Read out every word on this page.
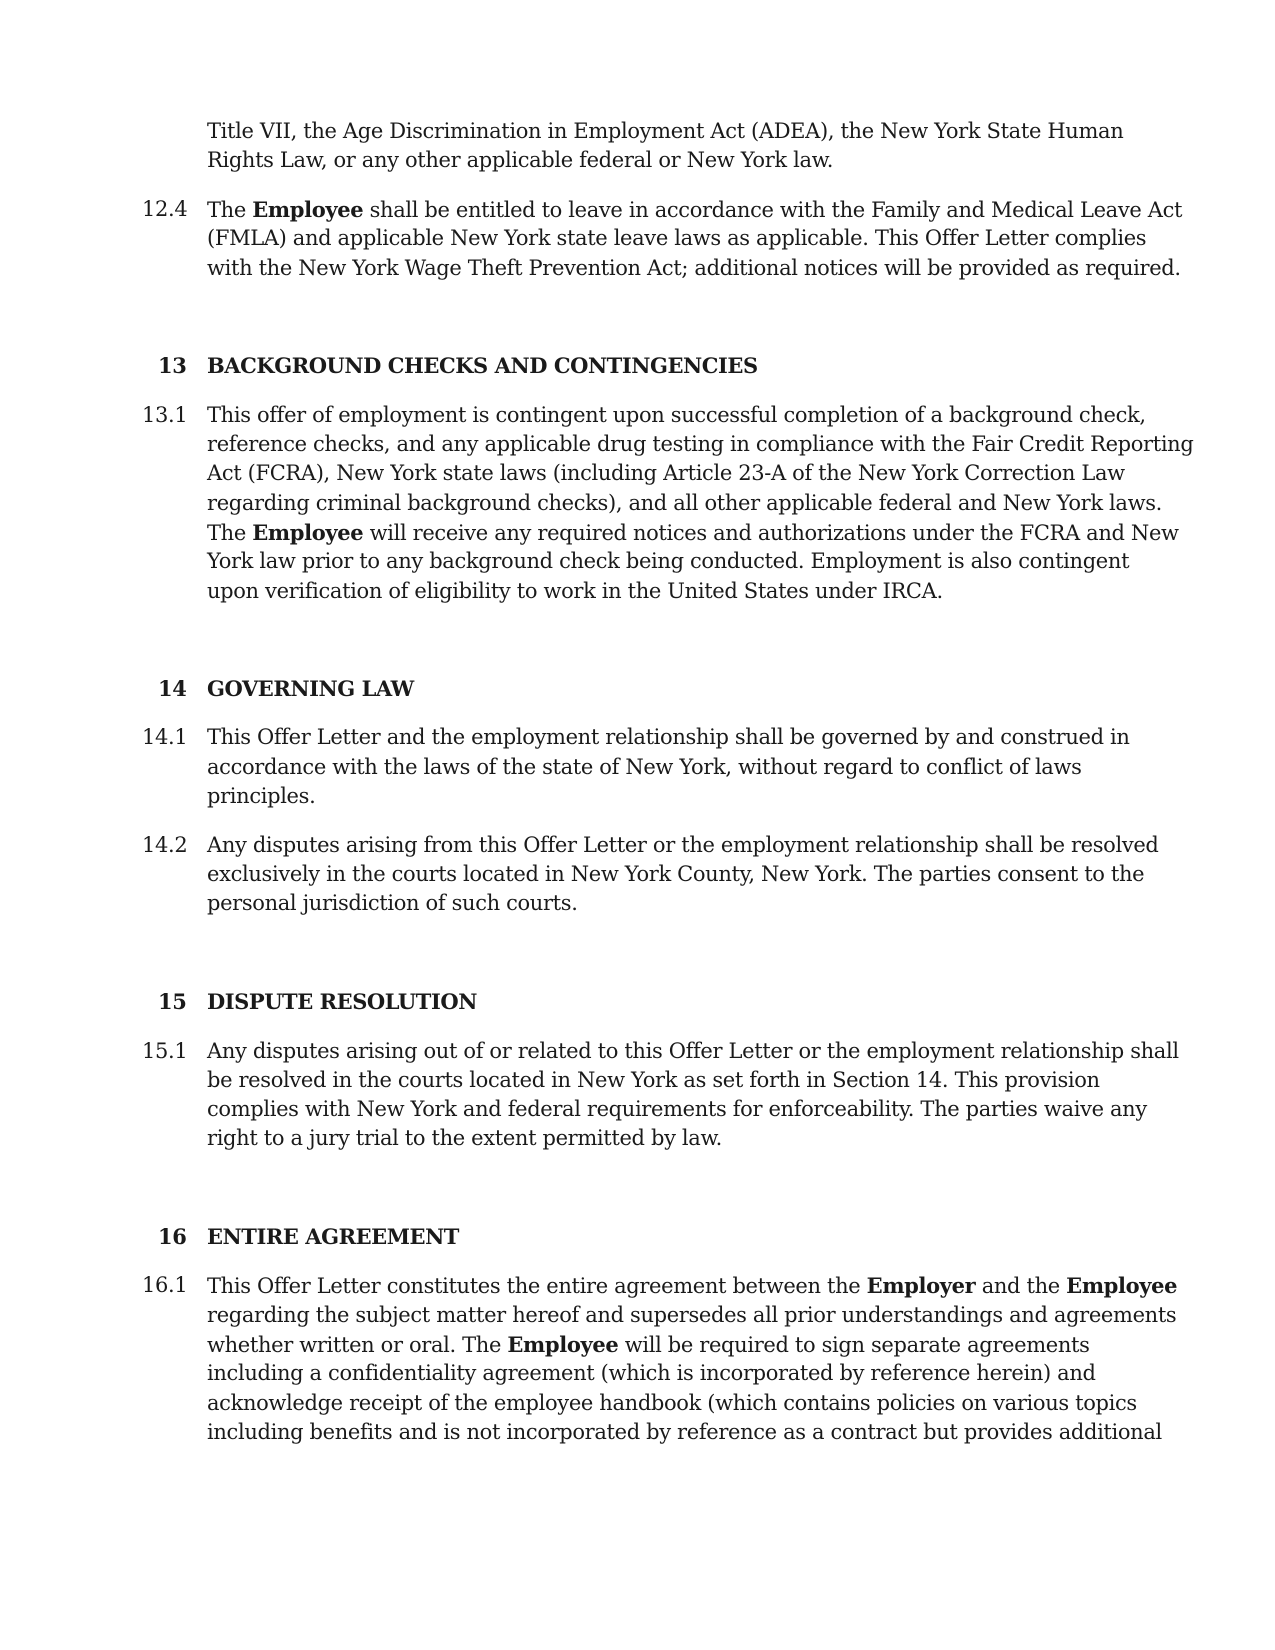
Title VII, the Age Discrimination in Employment Act (ADEA), the New York State Human
Rights Law, or any other applicable federal or New York law.
12.4 The Employee shall be entitled to leave in accordance with the Family and Medical Leave Act
(FMLA) and applicable New York state leave laws as applicable. This Offer Letter complies
with the New York Wage Theft Prevention Act; additional notices will be provided as required.
13 BACKGROUND CHECKS AND CONTINGENCIES
13.1 This offer of employment is contingent upon successful completion of a background check,
reference checks, and any applicable drug testing in compliance with the Fair Credit Reporting
Act (FCRA), New York state laws (including Article 23-A of the New York Correction Law
regarding criminal background checks), and all other applicable federal and New York laws.
The Employee will receive any required notices and authorizations under the FCRA and New
York law prior to any background check being conducted. Employment is also contingent
upon verification of eligibility to work in the United States under IRCA.
14 GOVERNING LAW
14.1 This Offer Letter and the employment relationship shall be governed by and construed in
accordance with the laws of the state of New York, without regard to conflict of laws
principles.
14.2 Any disputes arising from this Offer Letter or the employment relationship shall be resolved
exclusively in the courts located in New York County, New York. The parties consent to the
personal jurisdiction of such courts.
15 DISPUTE RESOLUTION
15.1 Any disputes arising out of or related to this Offer Letter or the employment relationship shall
be resolved in the courts located in New York as set forth in Section 14. This provision
complies with New York and federal requirements for enforceability. The parties waive any
right to a jury trial to the extent permitted by law.
16 ENTIRE AGREEMENT
16.1 This Offer Letter constitutes the entire agreement between the Employer and the Employee
regarding the subject matter hereof and supersedes all prior understandings and agreements
whether written or oral. The Employee will be required to sign separate agreements
including a confidentiality agreement (which is incorporated by reference herein) and
acknowledge receipt of the employee handbook (which contains policies on various topics
including benefits and is not incorporated by reference as a contract but provides additional
